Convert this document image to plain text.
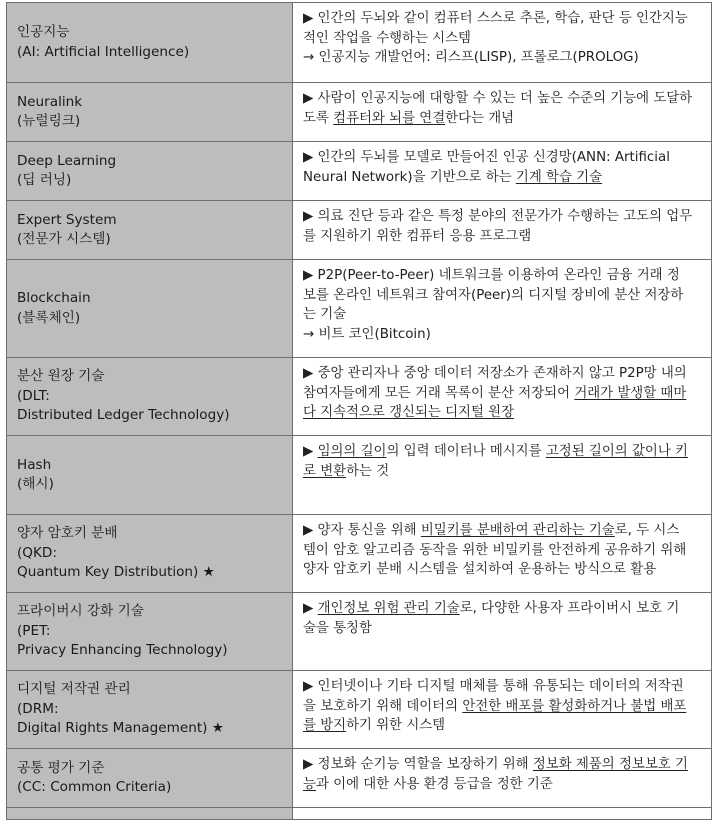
인공지능
(AI: Artificial Intelligence)	▶ 인간의 두뇌와 같이 컴퓨터 스스로 추론, 학습, 판단 등 인간지능
적인 작업을 수행하는 시스템
→ 인공지능 개발언어: 리스프(LISP), 프롤로그(PROLOG)

Neuralink
(뉴럴링크)	▶ 사람이 인공지능에 대항할 수 있는 더 높은 수준의 기능에 도달하
도록 컴퓨터와 뇌를 연결한다는 개념

Deep Learning
(딥 러닝)	▶ 인간의 두뇌를 모델로 만들어진 인공 신경망(ANN: Artificial
Neural Network)을 기반으로 하는 기계 학습 기술

Expert System
(전문가 시스템)	▶ 의료 진단 등과 같은 특정 분야의 전문가가 수행하는 고도의 업무
를 지원하기 위한 컴퓨터 응용 프로그램

Blockchain
(블록체인)	▶ P2P(Peer-to-Peer) 네트워크를 이용하여 온라인 금융 거래 정
보를 온라인 네트워크 참여자(Peer)의 디지털 장비에 분산 저장하
는 기술
→ 비트 코인(Bitcoin)

분산 원장 기술
(DLT:
Distributed Ledger Technology)	▶ 중앙 관리자나 중앙 데이터 저장소가 존재하지 않고 P2P망 내의
참여자들에게 모든 거래 목록이 분산 저장되어 거래가 발생할 때마
다 지속적으로 갱신되는 디지털 원장

Hash
(해시)	▶ 임의의 길이의 입력 데이터나 메시지를 고정된 길이의 값이나 키
로 변환하는 것

양자 암호키 분배
(QKD:
Quantum Key Distribution) ★	▶ 양자 통신을 위해 비밀키를 분배하여 관리하는 기술로, 두 시스
템이 암호 알고리즘 동작을 위한 비밀키를 안전하게 공유하기 위해
양자 암호키 분배 시스템을 설치하여 운용하는 방식으로 활용

프라이버시 강화 기술
(PET:
Privacy Enhancing Technology)	▶ 개인정보 위험 관리 기술로, 다양한 사용자 프라이버시 보호 기
술을 통칭함

디지털 저작권 관리
(DRM:
Digital Rights Management) ★	▶ 인터넷이나 기타 디지털 매체를 통해 유통되는 데이터의 저작권
을 보호하기 위해 데이터의 안전한 배포를 활성화하거나 불법 배포
를 방지하기 위한 시스템

공통 평가 기준
(CC: Common Criteria)	▶ 정보화 순기능 역할을 보장하기 위해 정보화 제품의 정보보호 기
능과 이에 대한 사용 환경 등급을 정한 기준
